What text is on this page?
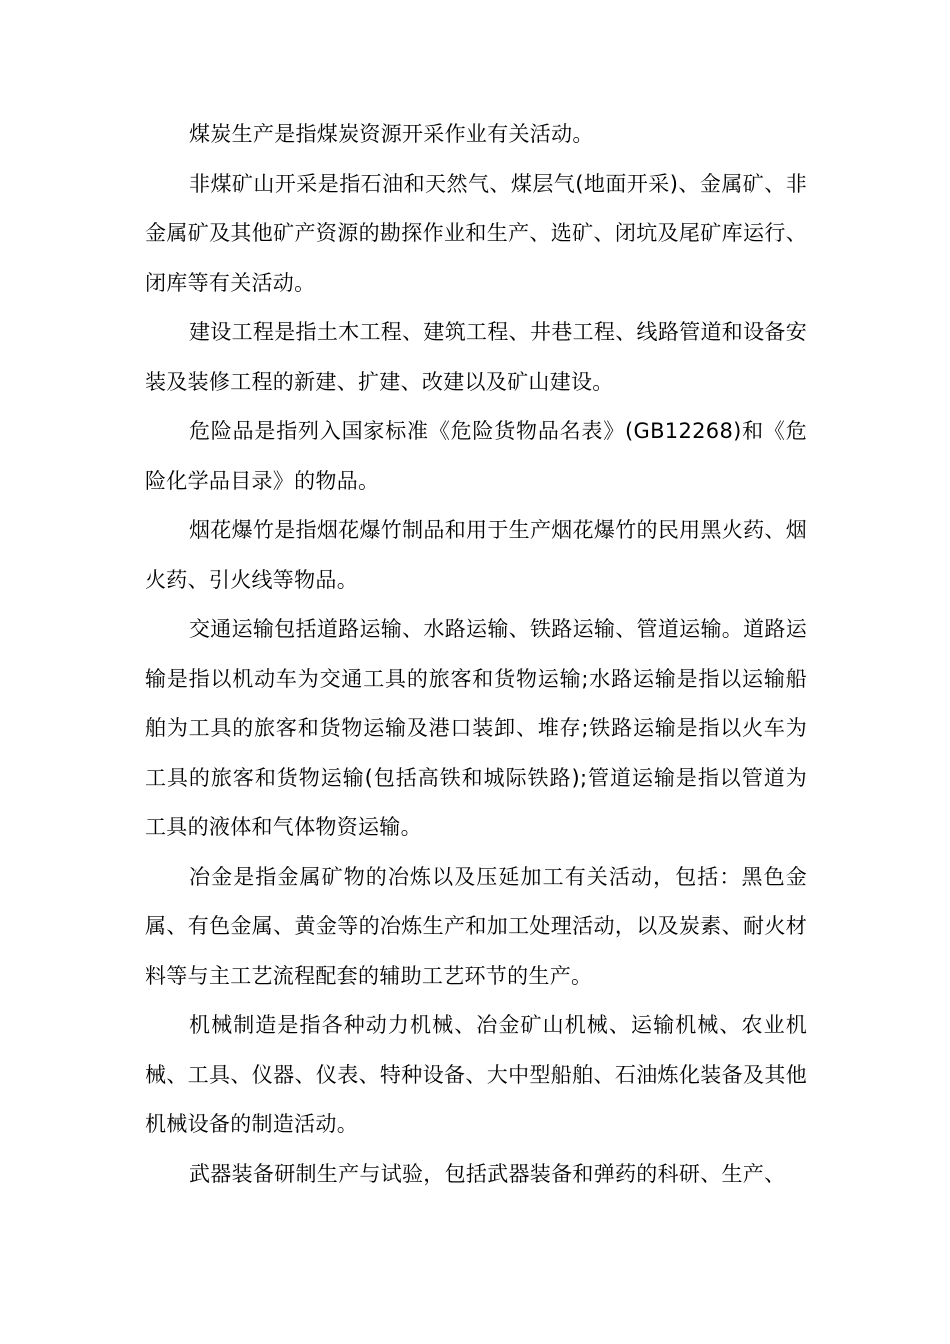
煤炭生产是指煤炭资源开采作业有关活动。

非煤矿山开采是指石油和天然气、煤层气(地面开采)、金属矿、非金属矿及其他矿产资源的勘探作业和生产、选矿、闭坑及尾矿库运行、闭库等有关活动。

建设工程是指土木工程、建筑工程、井巷工程、线路管道和设备安装及装修工程的新建、扩建、改建以及矿山建设。

危险品是指列入国家标准《危险货物品名表》(GB12268)和《危险化学品目录》的物品。

烟花爆竹是指烟花爆竹制品和用于生产烟花爆竹的民用黑火药、烟火药、引火线等物品。

交通运输包括道路运输、水路运输、铁路运输、管道运输。道路运输是指以机动车为交通工具的旅客和货物运输;水路运输是指以运输船舶为工具的旅客和货物运输及港口装卸、堆存;铁路运输是指以火车为工具的旅客和货物运输(包括高铁和城际铁路);管道运输是指以管道为工具的液体和气体物资运输。

冶金是指金属矿物的冶炼以及压延加工有关活动，包括：黑色金属、有色金属、黄金等的冶炼生产和加工处理活动，以及炭素、耐火材料等与主工艺流程配套的辅助工艺环节的生产。

机械制造是指各种动力机械、冶金矿山机械、运输机械、农业机械、工具、仪器、仪表、特种设备、大中型船舶、石油炼化装备及其他机械设备的制造活动。

武器装备研制生产与试验，包括武器装备和弹药的科研、生产、
